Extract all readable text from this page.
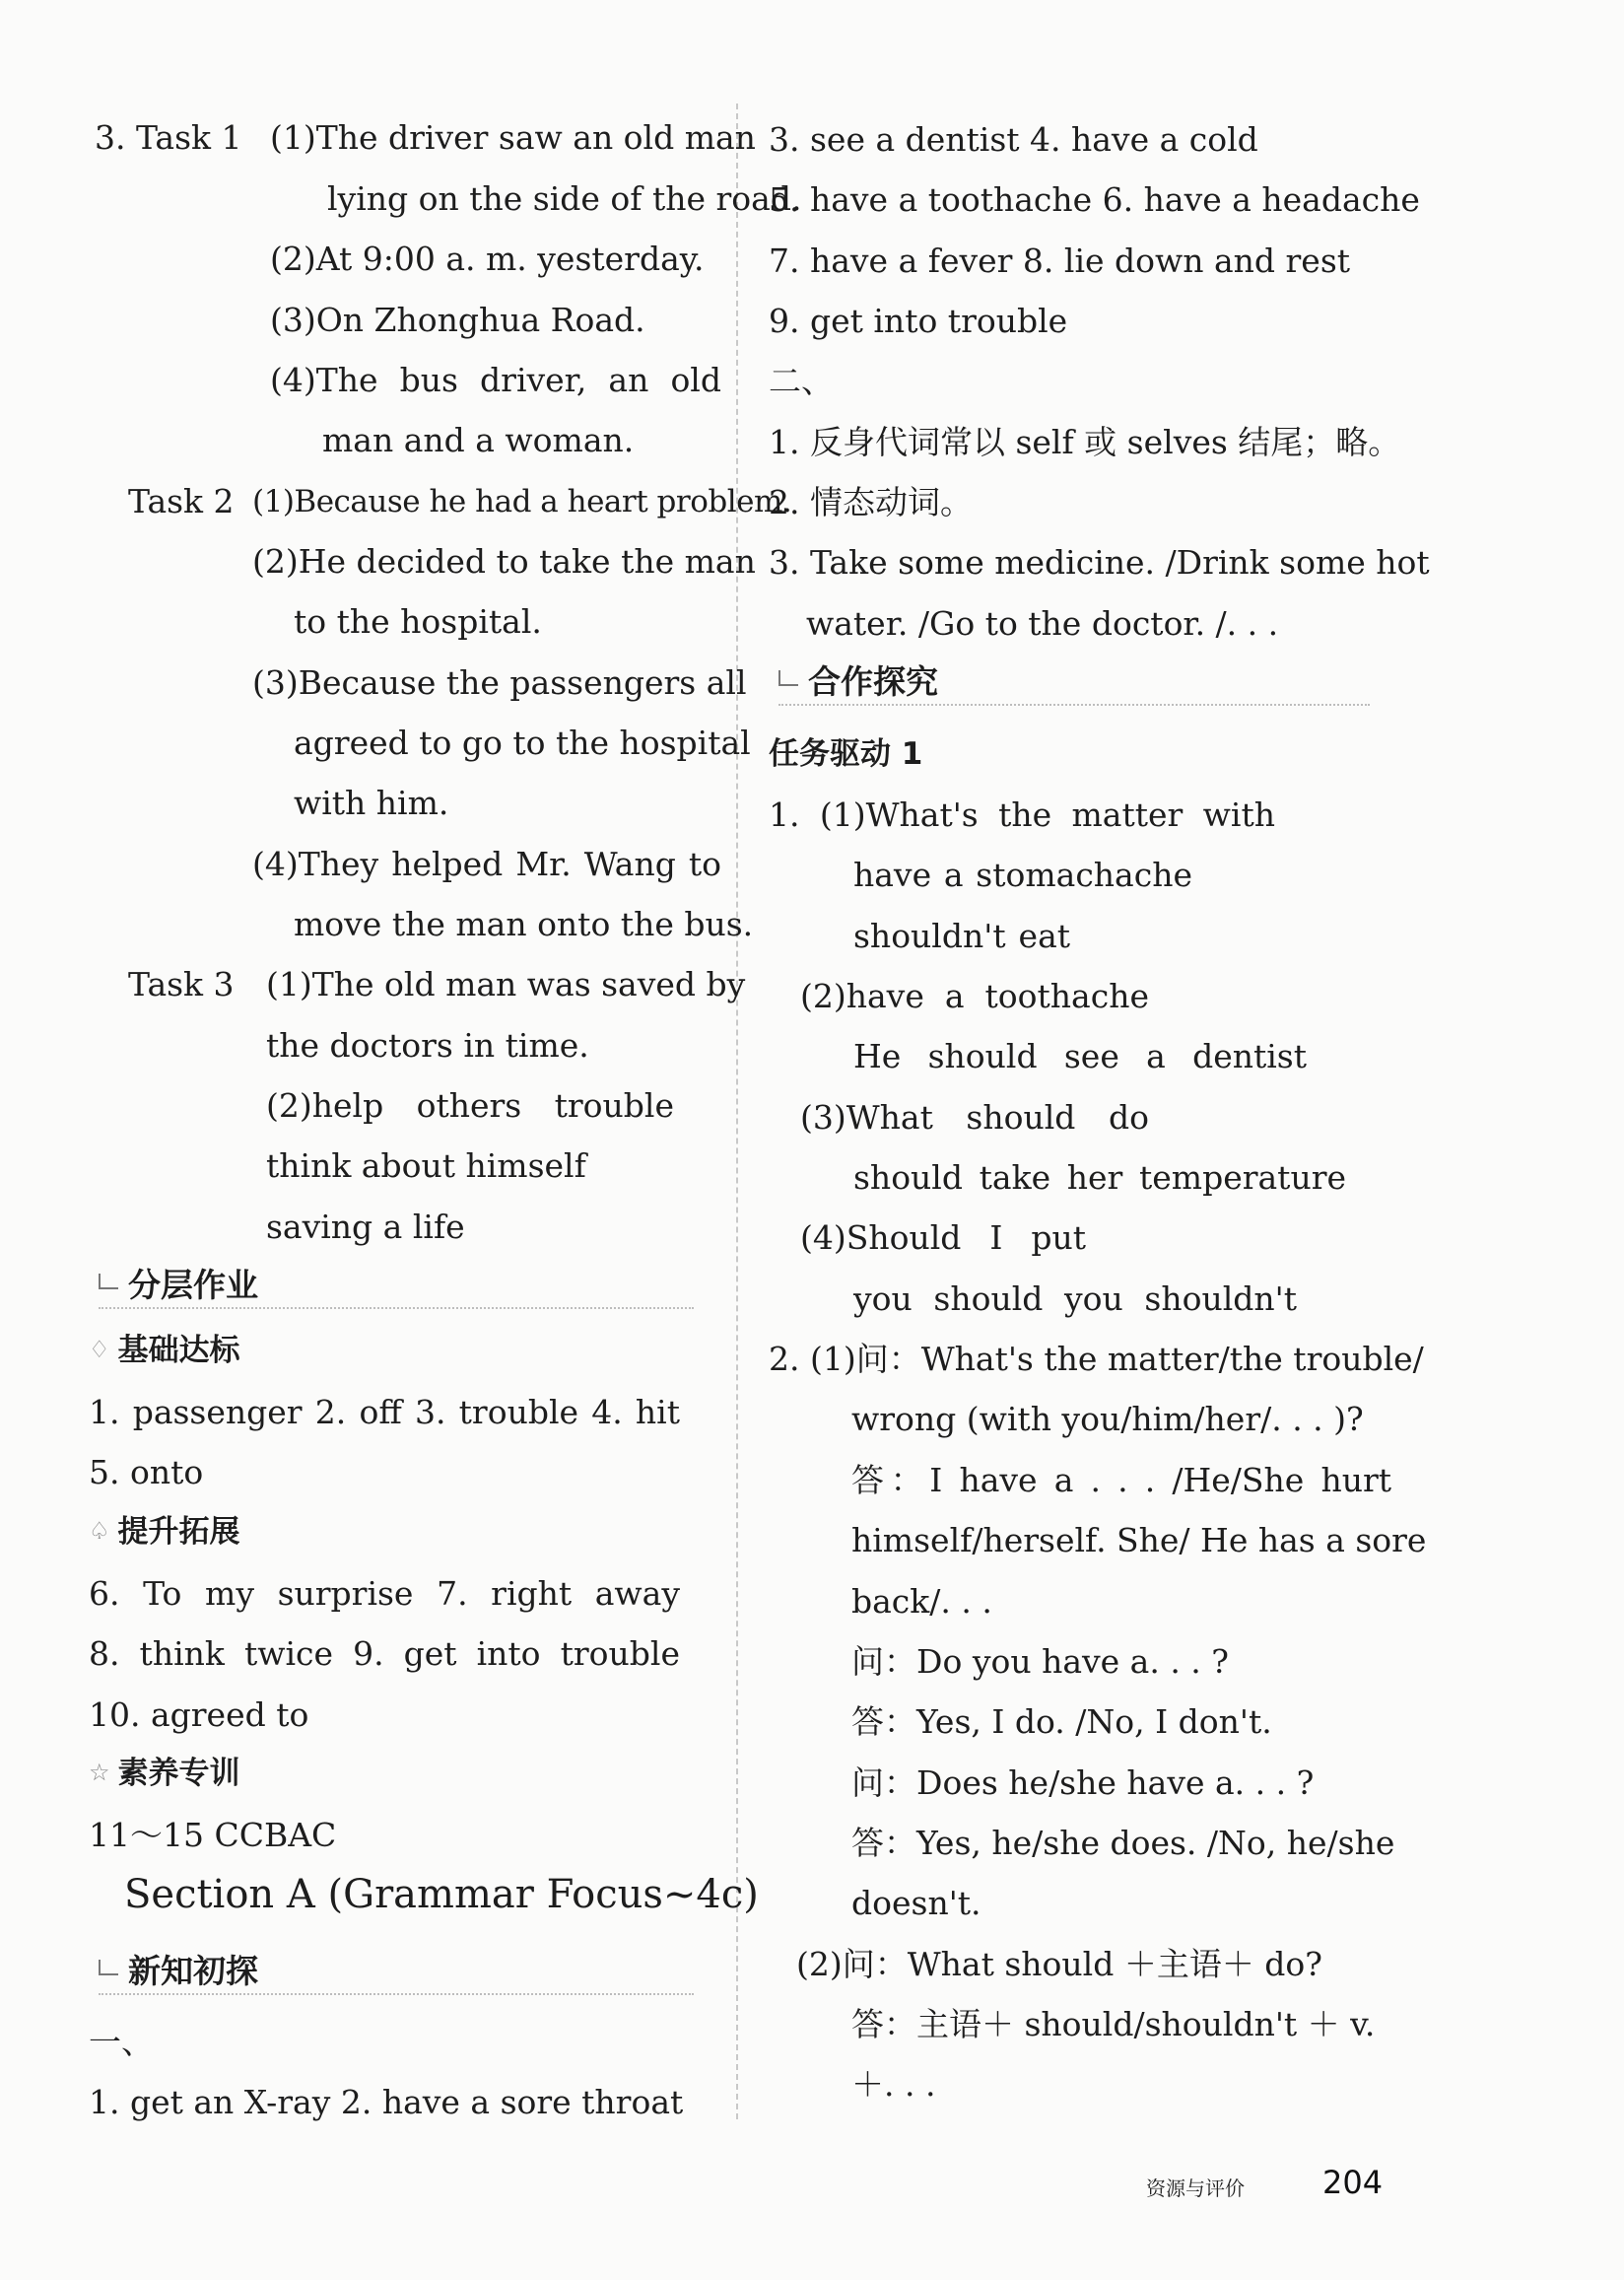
3. Task 1 (1)The driver saw an old man
lying on the side of the road.
(2)At 9:00 a. m. yesterday.
(3)On Zhonghua Road.
(4)The bus driver, an old
man and a woman.
Task 2 (1)Because he had a heart problem.
(2)He decided to take the man
to the hospital.
(3)Because the passengers all
agreed to go to the hospital
with him.
(4)They helped Mr. Wang to
move the man onto the bus.
Task 3 (1)The old man was saved by
the doctors in time.
(2)help others trouble
think about himself
saving a life
分层作业
♢ 基础达标
1. passenger 2. off 3. trouble 4. hit
5. onto
♤ 提升拓展
6. To my surprise 7. right away
8. think twice 9. get into trouble
10. agreed to
☆ 素养专训
11～15 CCBAC
Section A (Grammar Focus~4c)
新知初探
一、
1. get an X-ray 2. have a sore throat
3. see a dentist 4. have a cold
5. have a toothache 6. have a headache
7. have a fever 8. lie down and rest
9. get into trouble
二、
1. 反身代词常以 self 或 selves 结尾；略。
2. 情态动词。
3. Take some medicine. /Drink some hot
water. /Go to the doctor. /. . .
合作探究
任务驱动 1
1. (1)What's the matter with
have a stomachache
shouldn't eat
(2)have a toothache
He should see a dentist
(3)What should do
should take her temperature
(4)Should I put
you should you shouldn't
2. (1)问：What's the matter/the trouble/
wrong (with you/him/her/. . . )?
答：I have a . . . /He/She hurt
himself/herself. She/ He has a sore
back/. . .
问：Do you have a. . . ?
答：Yes, I do. /No, I don't.
问：Does he/she have a. . . ?
答：Yes, he/she does. /No, he/she
doesn't.
(2)问：What should ＋主语＋ do?
答：主语＋ should/shouldn't ＋ v.
＋. . .
资源与评价 204
